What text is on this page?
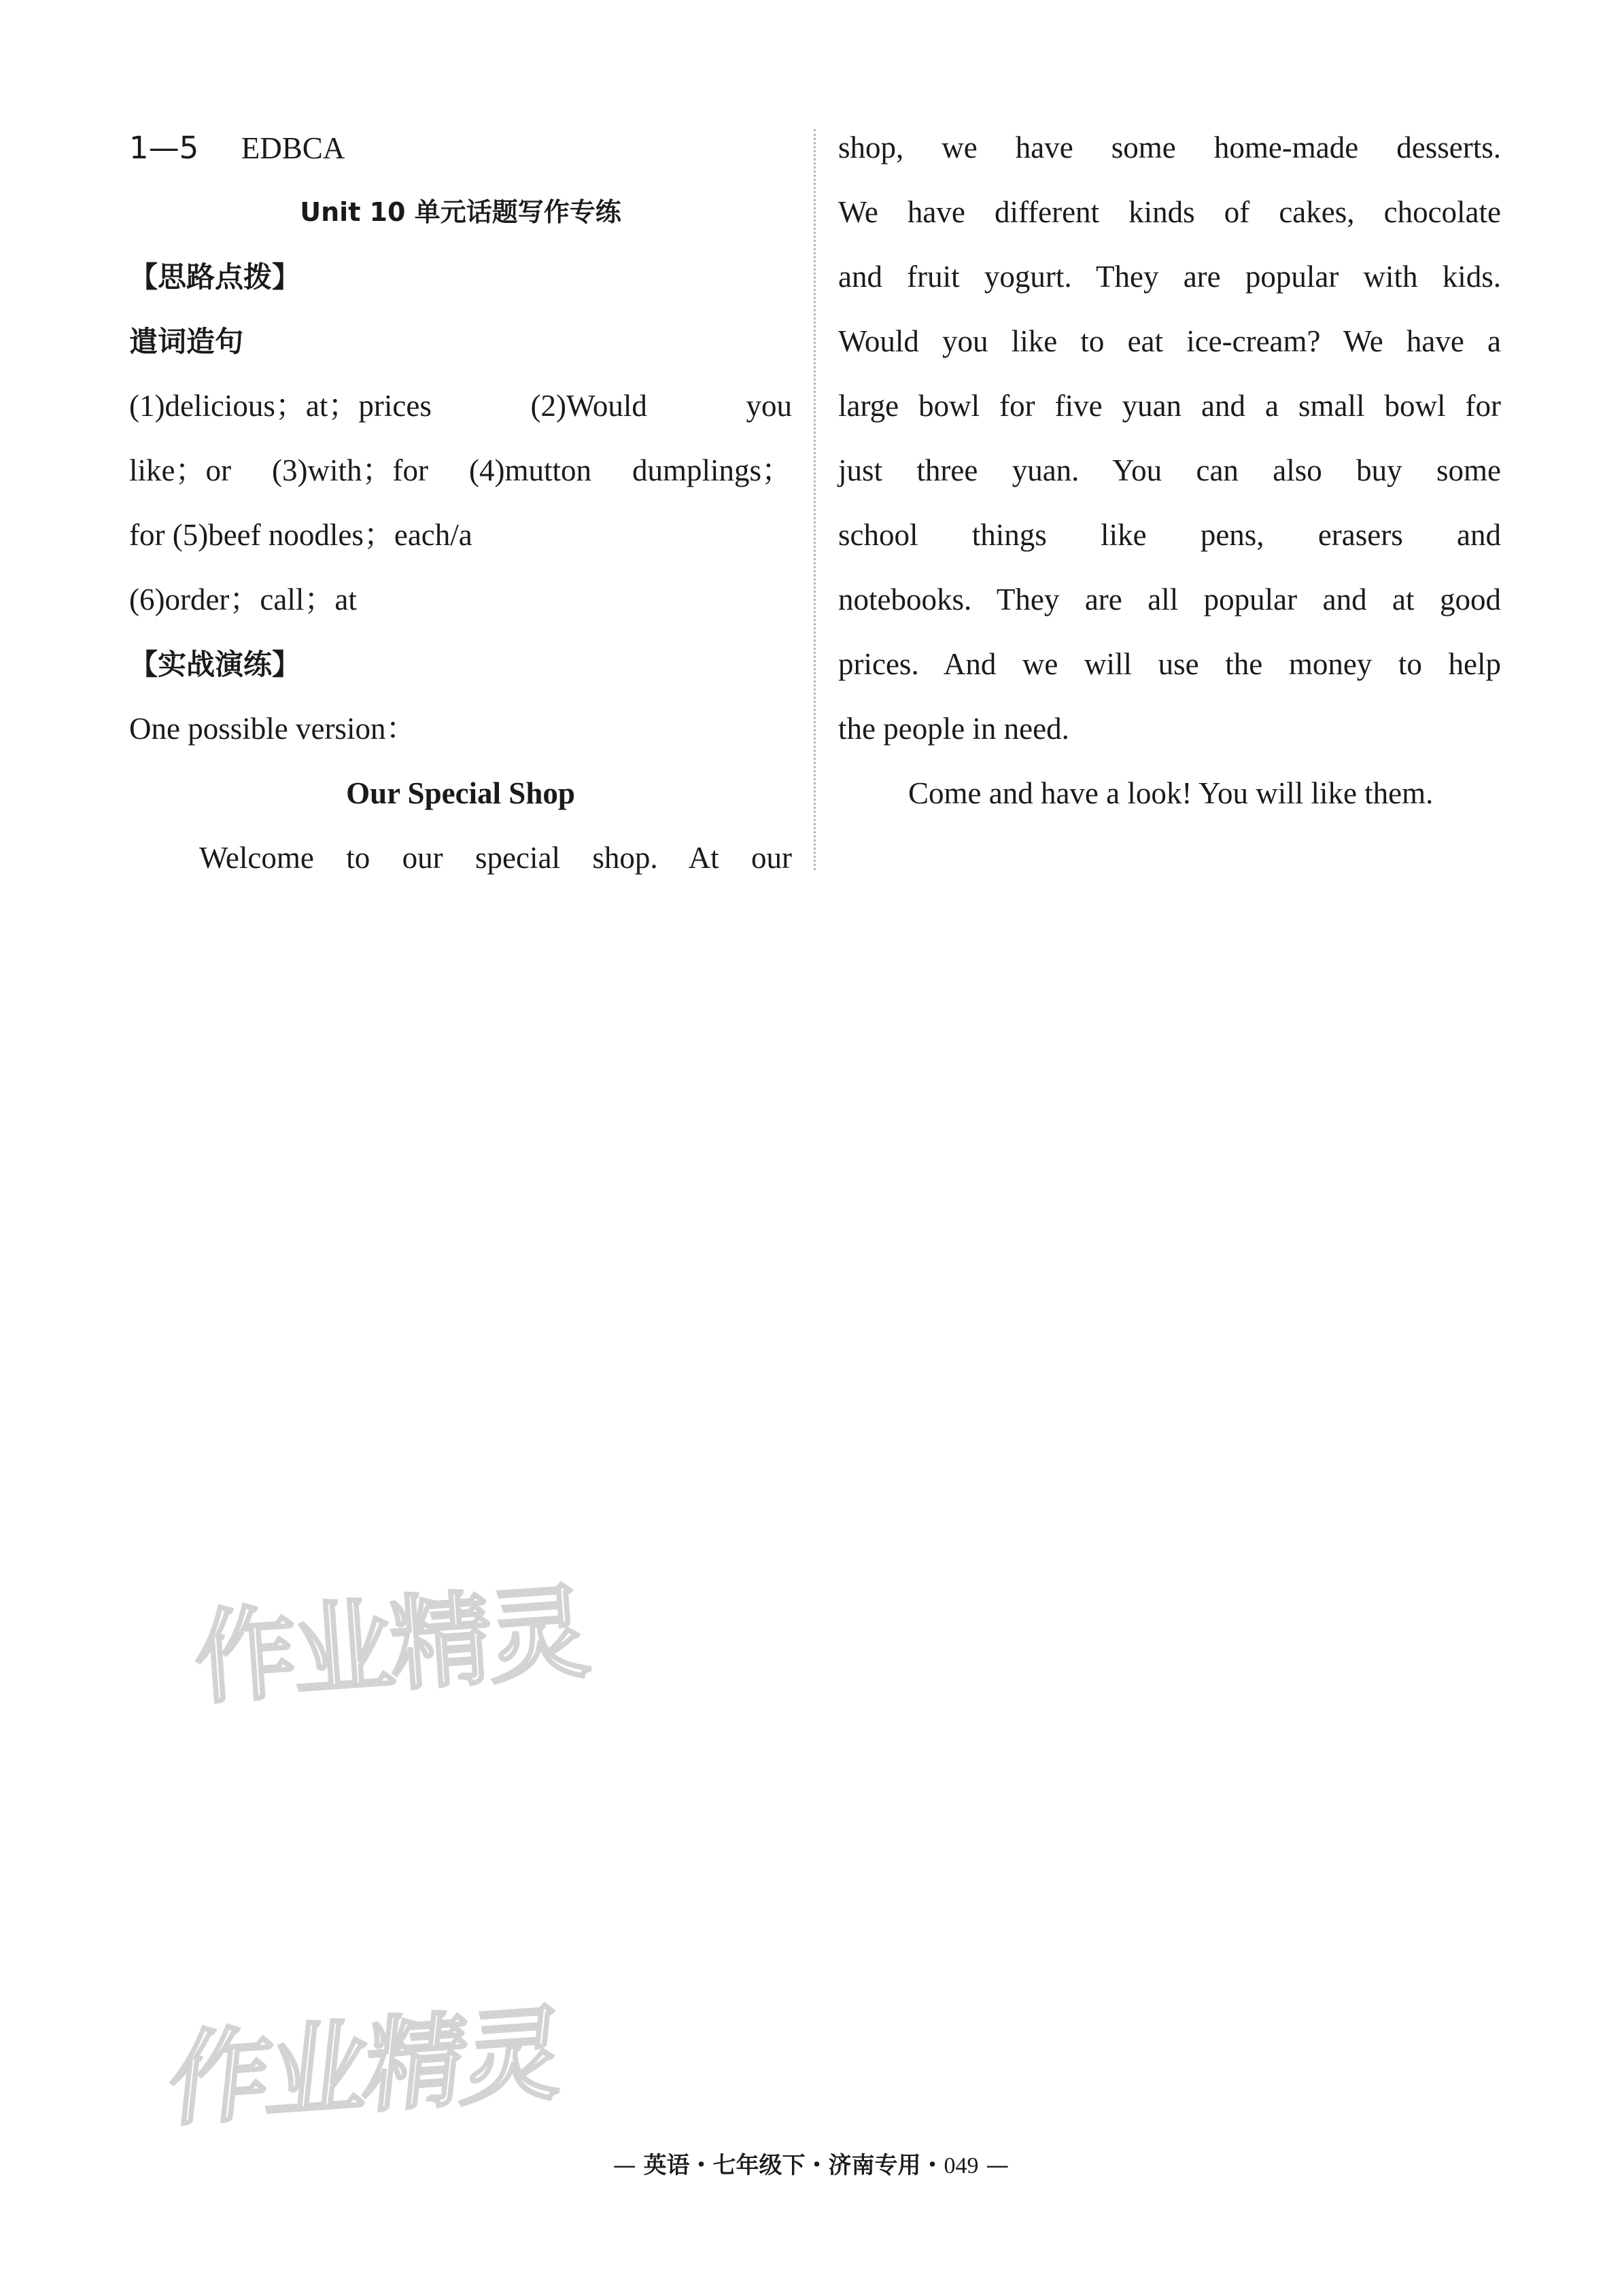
1—5 EDBCA
Unit 10 单元话题写作专练
【思路点拨】
遣词造句
(1)delicious；at；prices (2)Would you
like；or (3)with；for (4)mutton dumplings；
for (5)beef noodles；each/a
(6)order；call；at
【实战演练】
One possible version：
Our Special Shop
Welcome to our special shop. At our
shop, we have some home-made desserts.
We have different kinds of cakes, chocolate
and fruit yogurt. They are popular with kids.
Would you like to eat ice-cream? We have a
large bowl for five yuan and a small bowl for
just three yuan. You can also buy some
school things like pens, erasers and
notebooks. They are all popular and at good
prices. And we will use the money to help
the people in need.
Come and have a look! You will like them.
作业精灵
作业精灵
— 英语・七年级下・济南专用・049 —
